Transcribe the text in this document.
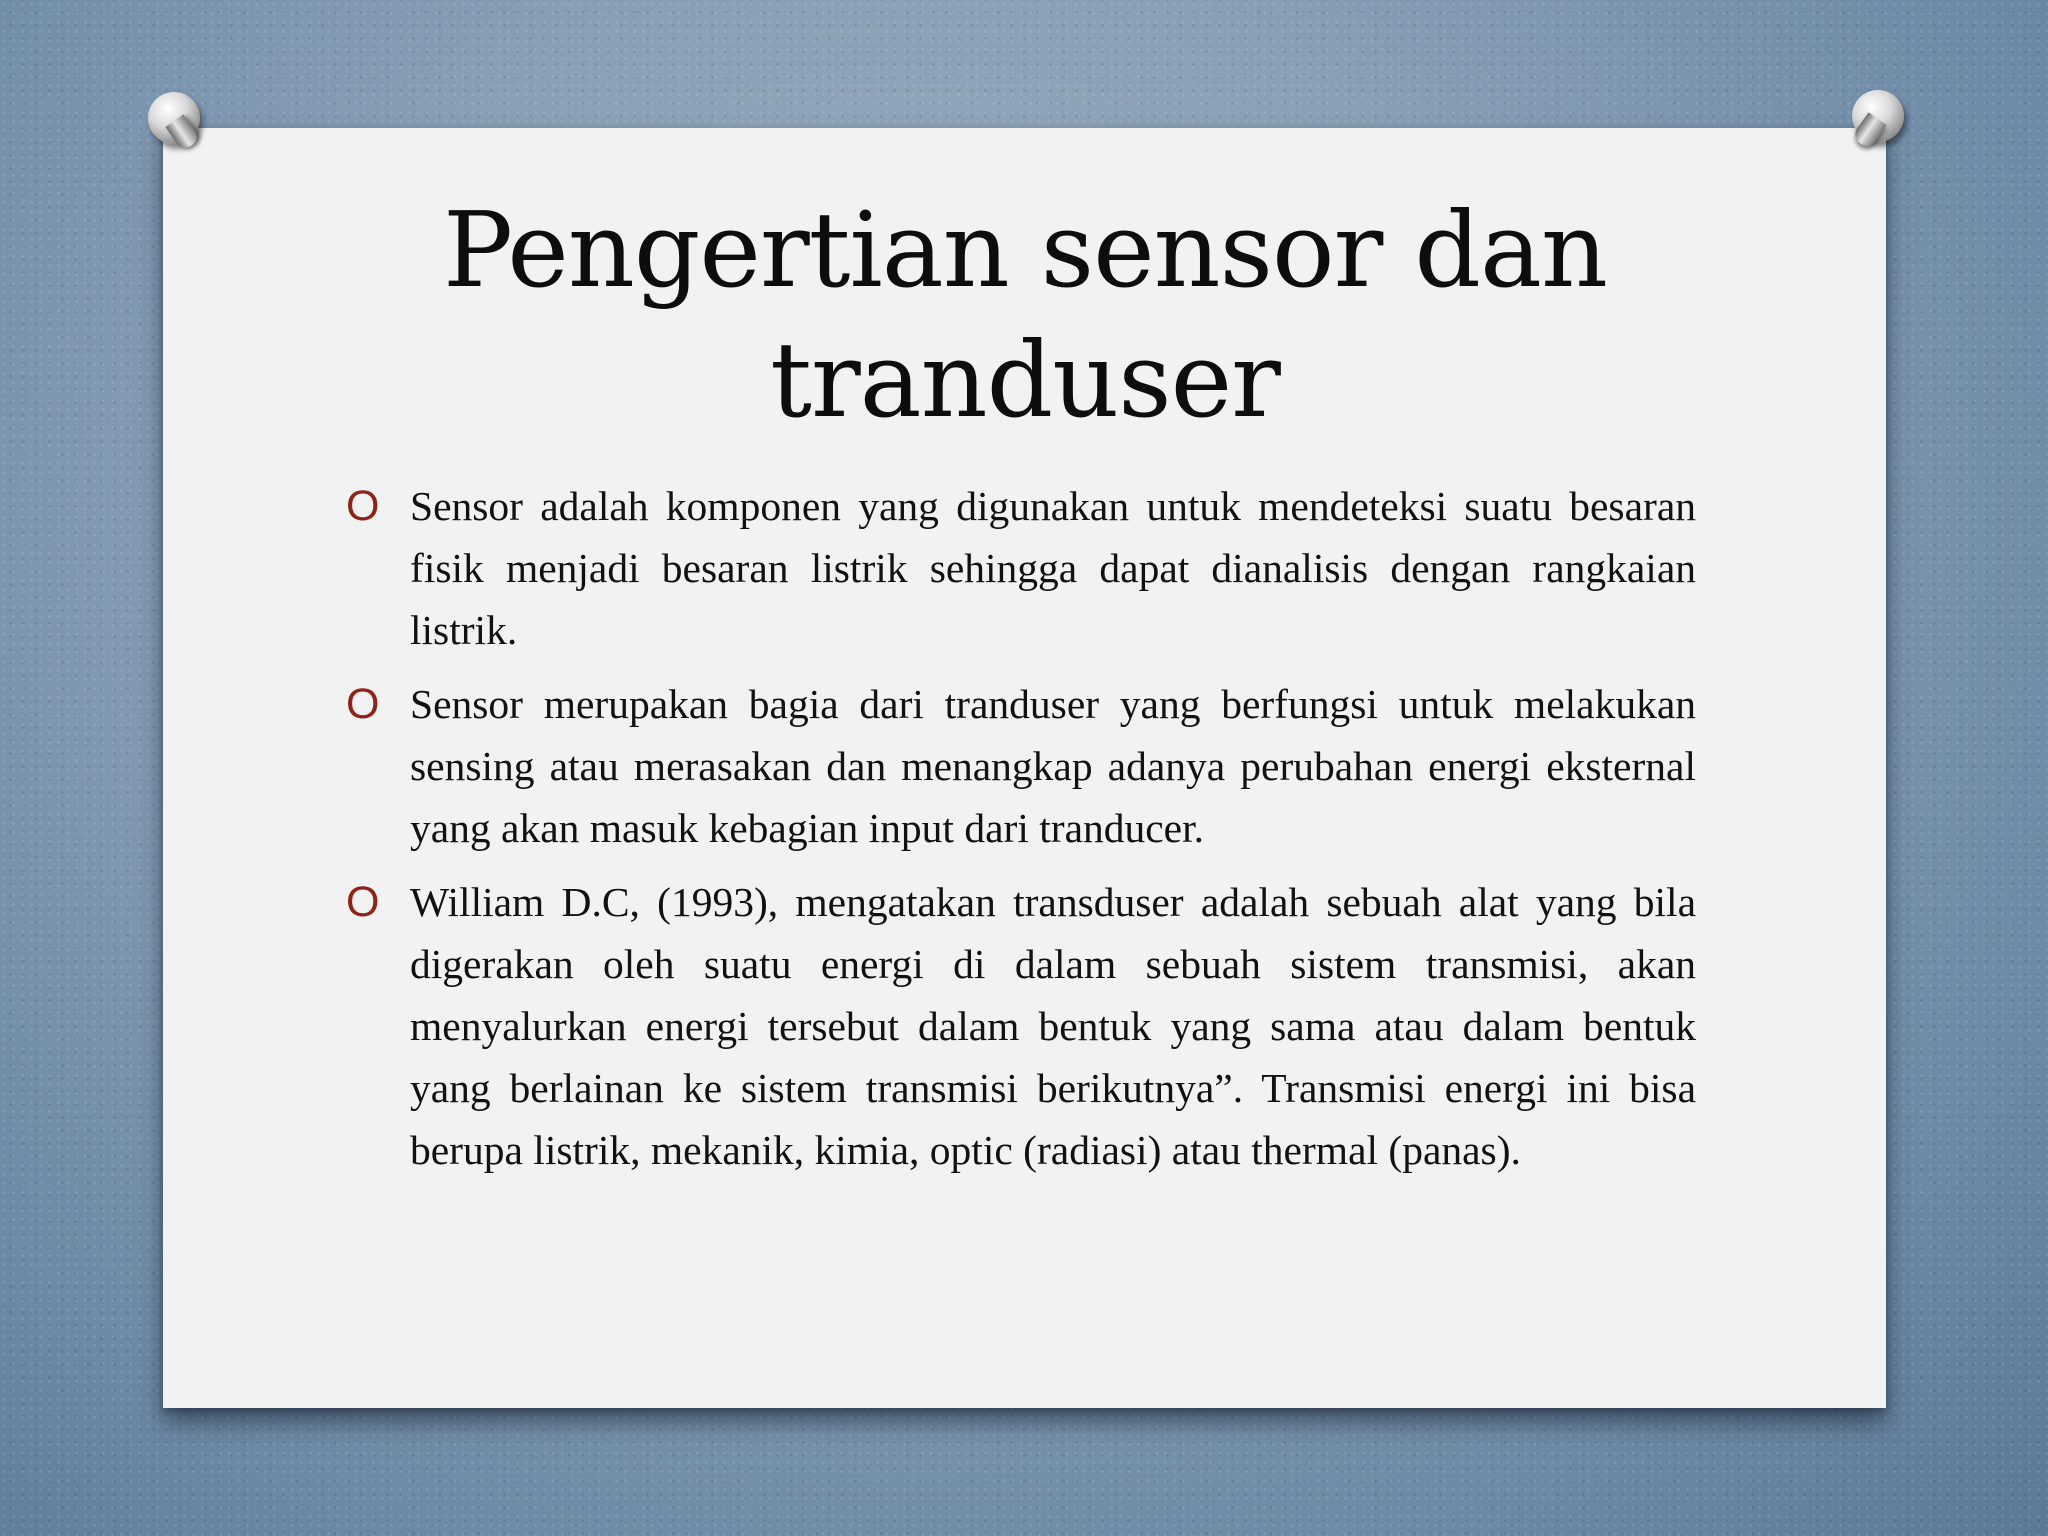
Pengertian sensor dan tranduser
O Sensor adalah komponen yang digunakan untuk mendeteksi suatu besaran fisik menjadi besaran listrik sehingga dapat dianalisis dengan rangkaian listrik.
O Sensor merupakan bagia dari tranduser yang berfungsi untuk melakukan sensing atau merasakan dan menangkap adanya perubahan energi eksternal yang akan masuk kebagian input dari tranducer.
O William D.C, (1993), mengatakan transduser adalah sebuah alat yang bila digerakan oleh suatu energi di dalam sebuah sistem transmisi, akan menyalurkan energi tersebut dalam bentuk yang sama atau dalam bentuk yang berlainan ke sistem transmisi berikutnya”. Transmisi energi ini bisa berupa listrik, mekanik, kimia, optic (radiasi) atau thermal (panas).
